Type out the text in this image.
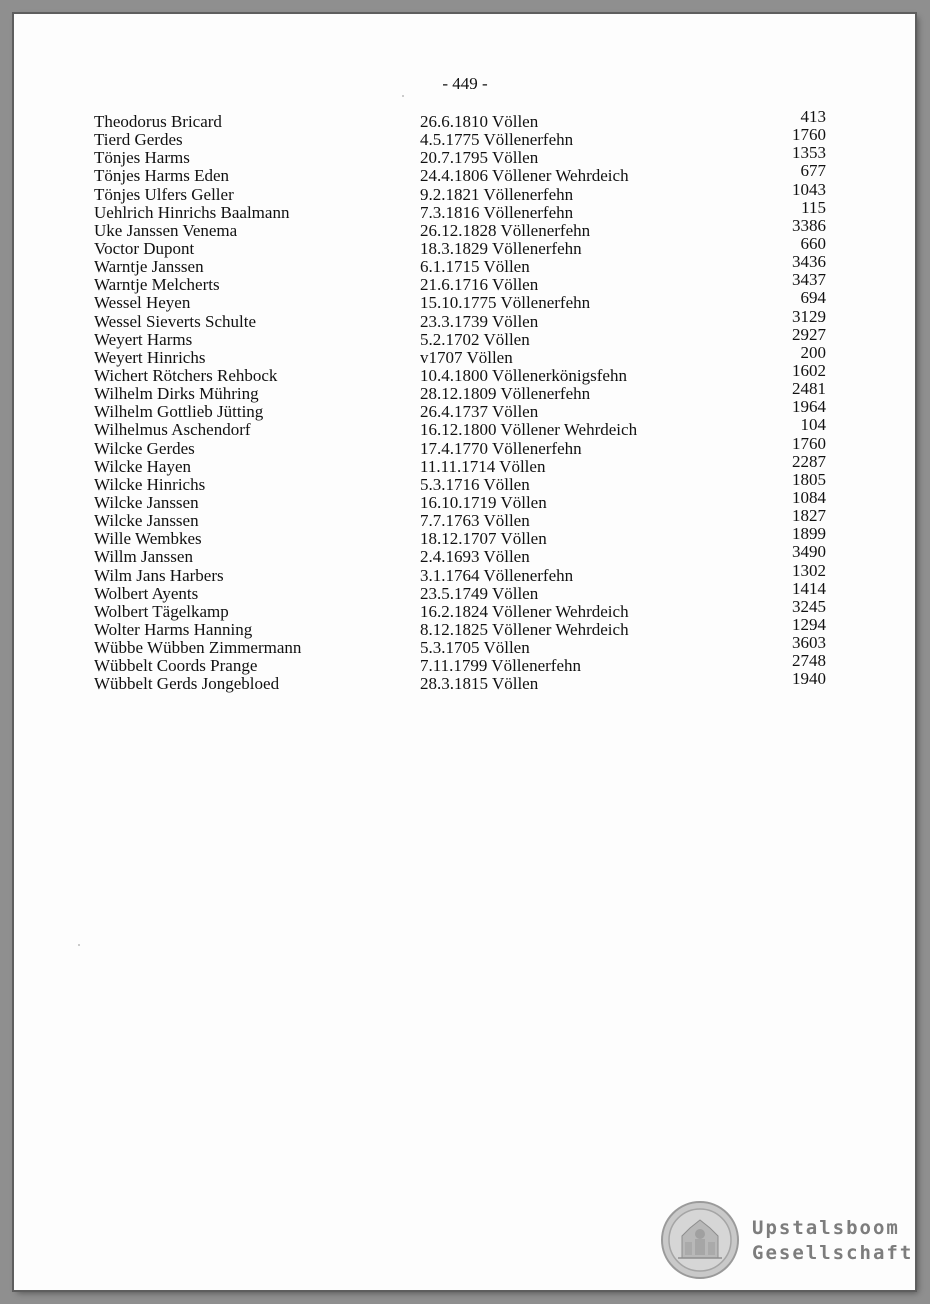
- 449 -
Theodorus Bricard	26.6.1810 Völlen	413
Tierd Gerdes	4.5.1775 Völlenerfehn	1760
Tönjes Harms	20.7.1795 Völlen	1353
Tönjes Harms Eden	24.4.1806 Völlener Wehrdeich	677
Tönjes Ulfers Geller	9.2.1821 Völlenerfehn	1043
Uehlrich Hinrichs Baalmann	7.3.1816 Völlenerfehn	115
Uke Janssen Venema	26.12.1828 Völlenerfehn	3386
Voctor Dupont	18.3.1829 Völlenerfehn	660
Warntje Janssen	6.1.1715 Völlen	3436
Warntje Melcherts	21.6.1716 Völlen	3437
Wessel Heyen	15.10.1775 Völlenerfehn	694
Wessel Sieverts Schulte	23.3.1739 Völlen	3129
Weyert Harms	5.2.1702 Völlen	2927
Weyert Hinrichs	v1707 Völlen	200
Wichert Rötchers Rehbock	10.4.1800 Völlenerkönigsfehn	1602
Wilhelm Dirks Mühring	28.12.1809 Völlenerfehn	2481
Wilhelm Gottlieb Jütting	26.4.1737 Völlen	1964
Wilhelmus Aschendorf	16.12.1800 Völlener Wehrdeich	104
Wilcke Gerdes	17.4.1770 Völlenerfehn	1760
Wilcke Hayen	11.11.1714 Völlen	2287
Wilcke Hinrichs	5.3.1716 Völlen	1805
Wilcke Janssen	16.10.1719 Völlen	1084
Wilcke Janssen	7.7.1763 Völlen	1827
Wille Wembkes	18.12.1707 Völlen	1899
Willm Janssen	2.4.1693 Völlen	3490
Wilm Jans Harbers	3.1.1764 Völlenerfehn	1302
Wolbert Ayents	23.5.1749 Völlen	1414
Wolbert Tägelkamp	16.2.1824 Völlener Wehrdeich	3245
Wolter Harms Hanning	8.12.1825 Völlener Wehrdeich	1294
Wübbe Wübben Zimmermann	5.3.1705 Völlen	3603
Wübbelt Coords Prange	7.11.1799 Völlenerfehn	2748
Wübbelt Gerds Jongebloed	28.3.1815 Völlen	1940
Upstalsboom
Gesellschaft
